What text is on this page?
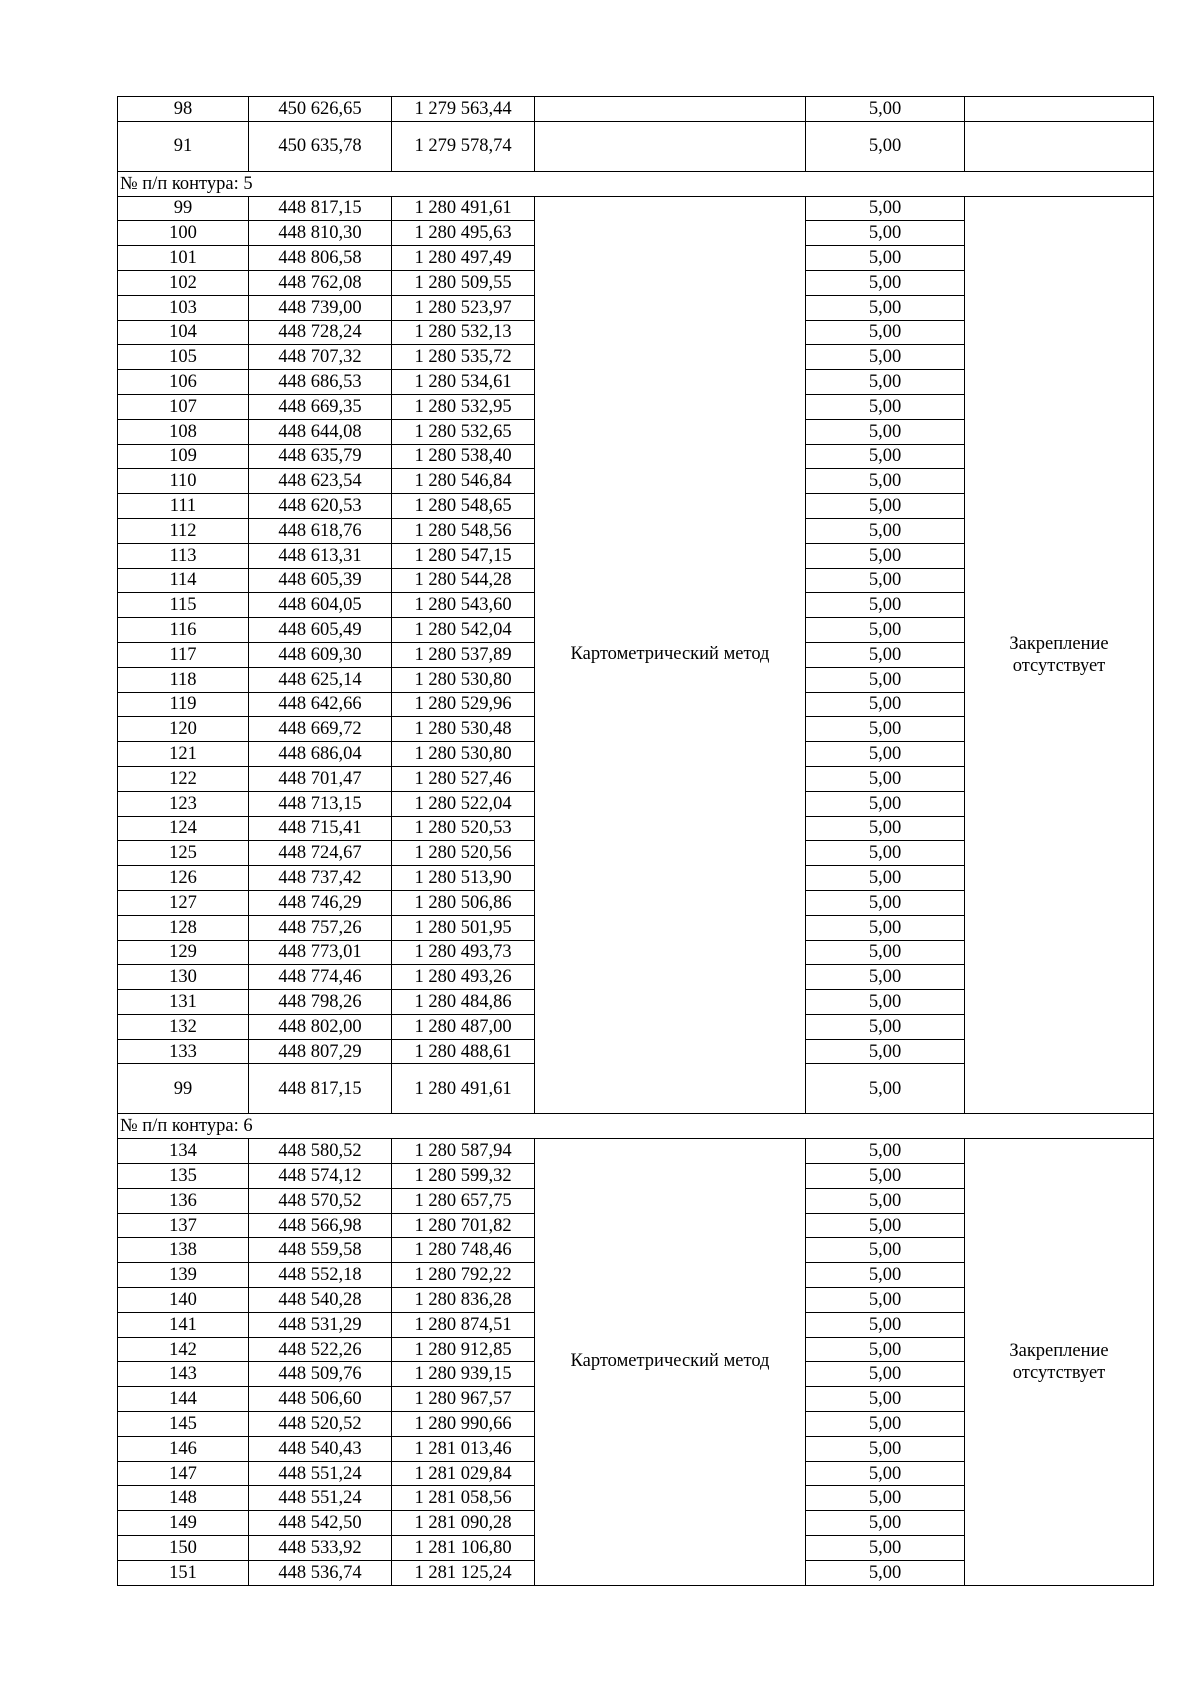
98	450 626,65	1 279 563,44		5,00	
91	450 635,78	1 279 578,74		5,00	
№ п/п контура: 5					
99	448 817,15	1 280 491,61	Картометрический метод	5,00	Закрепление отсутствует
100	448 810,30	1 280 495,63		5,00	
101	448 806,58	1 280 497,49		5,00	
102	448 762,08	1 280 509,55		5,00	
103	448 739,00	1 280 523,97		5,00	
104	448 728,24	1 280 532,13		5,00	
105	448 707,32	1 280 535,72		5,00	
106	448 686,53	1 280 534,61		5,00	
107	448 669,35	1 280 532,95		5,00	
108	448 644,08	1 280 532,65		5,00	
109	448 635,79	1 280 538,40		5,00	
110	448 623,54	1 280 546,84		5,00	
111	448 620,53	1 280 548,65		5,00	
112	448 618,76	1 280 548,56		5,00	
113	448 613,31	1 280 547,15		5,00	
114	448 605,39	1 280 544,28		5,00	
115	448 604,05	1 280 543,60		5,00	
116	448 605,49	1 280 542,04		5,00	
117	448 609,30	1 280 537,89		5,00	
118	448 625,14	1 280 530,80		5,00	
119	448 642,66	1 280 529,96		5,00	
120	448 669,72	1 280 530,48		5,00	
121	448 686,04	1 280 530,80		5,00	
122	448 701,47	1 280 527,46		5,00	
123	448 713,15	1 280 522,04		5,00	
124	448 715,41	1 280 520,53		5,00	
125	448 724,67	1 280 520,56		5,00	
126	448 737,42	1 280 513,90		5,00	
127	448 746,29	1 280 506,86		5,00	
128	448 757,26	1 280 501,95		5,00	
129	448 773,01	1 280 493,73		5,00	
130	448 774,46	1 280 493,26		5,00	
131	448 798,26	1 280 484,86		5,00	
132	448 802,00	1 280 487,00		5,00	
133	448 807,29	1 280 488,61		5,00	
99	448 817,15	1 280 491,61		5,00	
№ п/п контура: 6					
134	448 580,52	1 280 587,94	Картометрический метод	5,00	Закрепление отсутствует
135	448 574,12	1 280 599,32		5,00	
136	448 570,52	1 280 657,75		5,00	
137	448 566,98	1 280 701,82		5,00	
138	448 559,58	1 280 748,46		5,00	
139	448 552,18	1 280 792,22		5,00	
140	448 540,28	1 280 836,28		5,00	
141	448 531,29	1 280 874,51		5,00	
142	448 522,26	1 280 912,85		5,00	
143	448 509,76	1 280 939,15		5,00	
144	448 506,60	1 280 967,57		5,00	
145	448 520,52	1 280 990,66		5,00	
146	448 540,43	1 281 013,46		5,00	
147	448 551,24	1 281 029,84		5,00	
148	448 551,24	1 281 058,56		5,00	
149	448 542,50	1 281 090,28		5,00	
150	448 533,92	1 281 106,80		5,00	
151	448 536,74	1 281 125,24		5,00	
